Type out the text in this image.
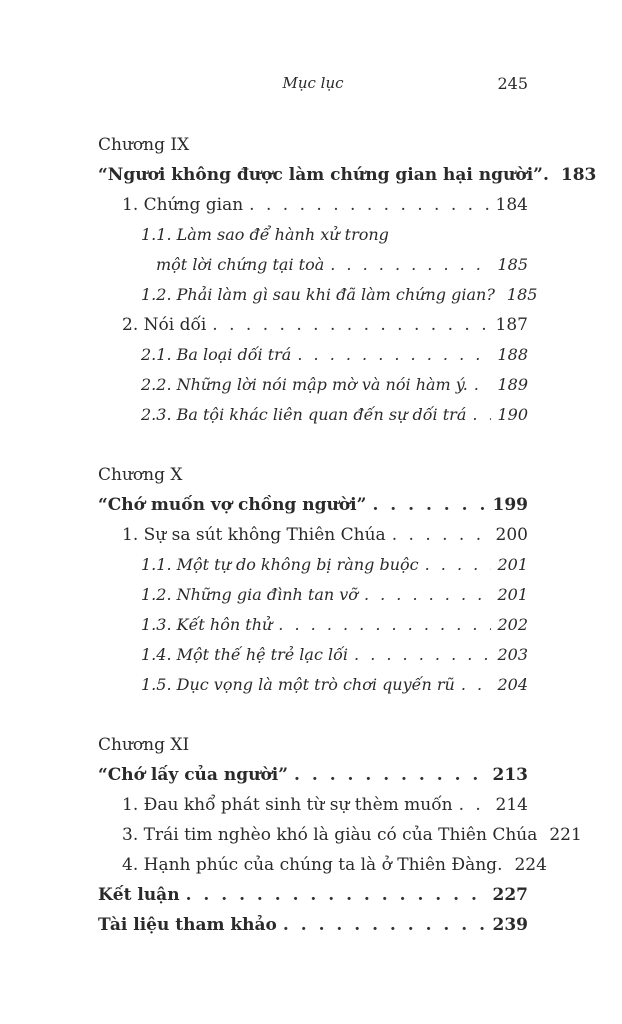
Mục lục	245
Chương IX
“Ngươi không được làm chứng gian hại người”. 183
1. Chứng gian . . .	184
1.1. Làm sao để hành xử trong
một lời chứng tại toà . . .	185
1.2. Phải làm gì sau khi đã làm chứng gian? 185
2. Nói dối . . .	187
2.1. Ba loại dối trá . . .	188
2.2. Những lời nói mập mờ và nói hàm ý. . . .	189
2.3. Ba tội khác liên quan đến sự dối trá . . .	190
Chương X
“Chớ muốn vợ chồng người” . . .	199
1. Sự sa sút không Thiên Chúa . . .	200
1.1. Một tự do không bị ràng buộc . . .	201
1.2. Những gia đình tan vỡ . . .	201
1.3. Kết hôn thử . . .	202
1.4. Một thế hệ trẻ lạc lối . . .	203
1.5. Dục vọng là một trò chơi quyến rũ . . .	204
Chương XI
“Chớ lấy của người” . . .	213
1. Đau khổ phát sinh từ sự thèm muốn . . .	214
3. Trái tim nghèo khó là giàu có của Thiên Chúa 221
4. Hạnh phúc của chúng ta là ở Thiên Đàng. 224
Kết luận . . .	227
Tài liệu tham khảo . . .	239
